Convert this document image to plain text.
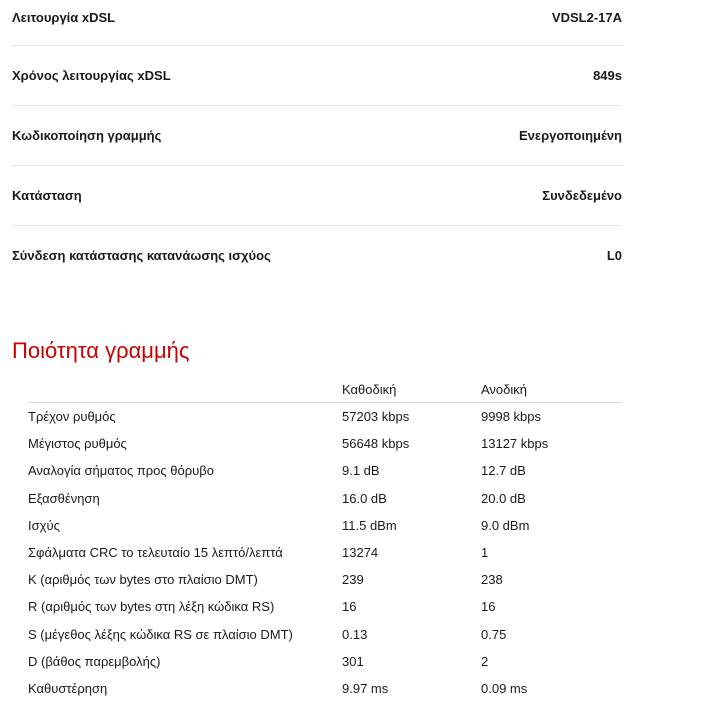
Λειτουργία xDSL	VDSL2-17A
Χρόνος λειτουργίας xDSL	849s
Κωδικοποίηση γραμμής	Ενεργοποιημένη
Κατάσταση	Συνδεδεμένο
Σύνδεση κατάστασης κατανάωσης ισχύος	L0
Ποιότητα γραμμής
	Καθοδική	Ανοδική
Τρέχον ρυθμός	57203 kbps	9998 kbps
Μέγιστος ρυθμός	56648 kbps	13127 kbps
Αναλογία σήματος προς θόρυβο	9.1 dB	12.7 dB
Εξασθένηση	16.0 dB	20.0 dB
Ισχύς	11.5 dBm	9.0 dBm
Σφάλματα CRC το τελευταίο 15 λεπτό/λεπτά	13274	1
K (αριθμός των bytes στο πλαίσιο DMT)	239	238
R (αριθμός των bytes στη λέξη κώδικα RS)	16	16
S (μέγεθος λέξης κώδικα RS σε πλαίσιο DMT)	0.13	0.75
D (βάθος παρεμβολής)	301	2
Καθυστέρηση	9.97 ms	0.09 ms
